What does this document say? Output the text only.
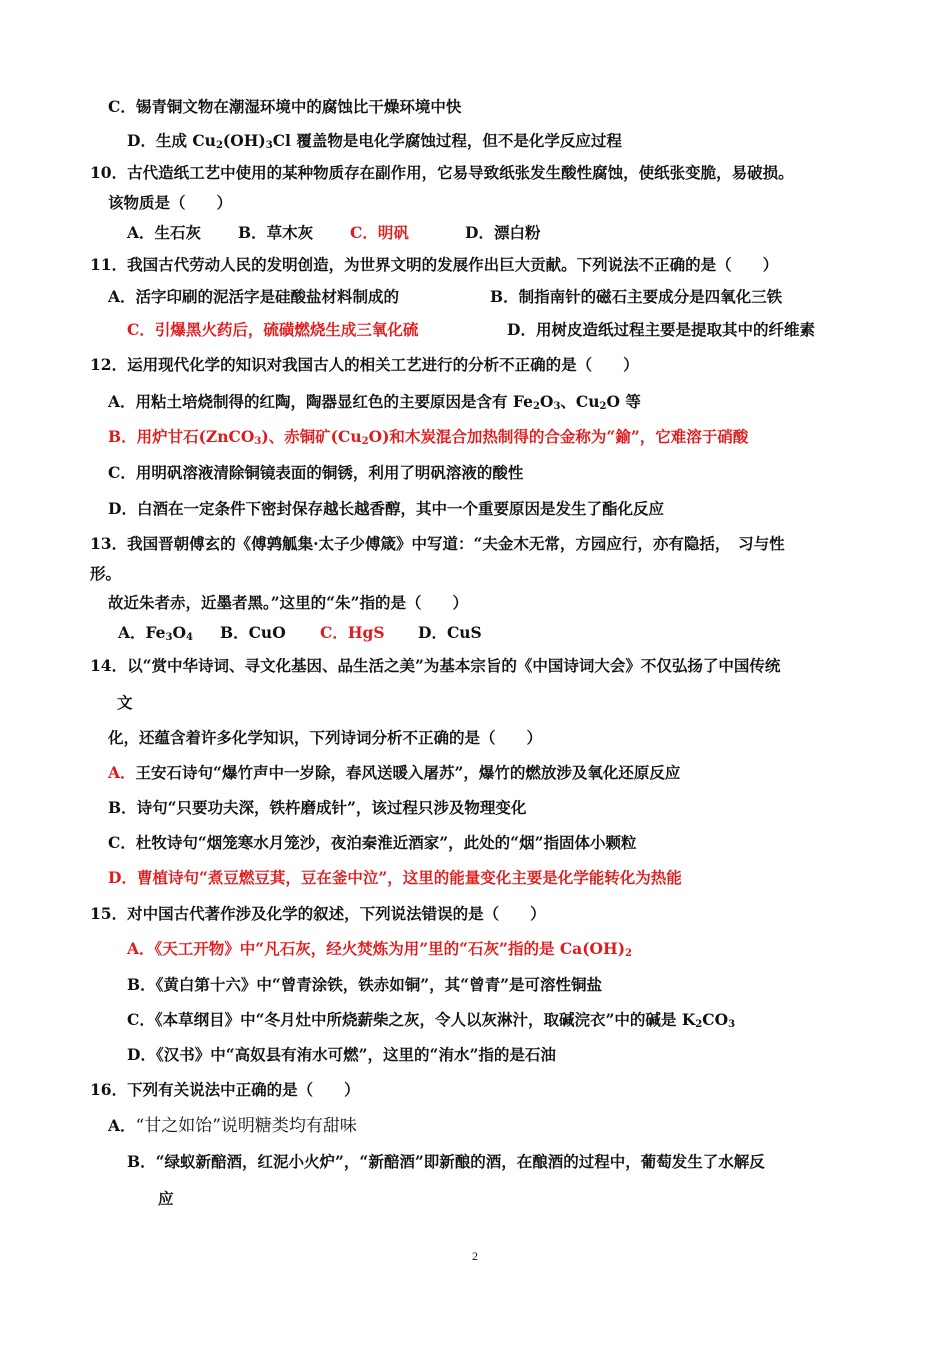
C．锡青铜文物在潮湿环境中的腐蚀比干燥环境中快
D．生成 $Cu_2(OH)_3Cl$ 覆盖物是电化学腐蚀过程，但不是化学反应过程
10．古代造纸工艺中使用的某种物质存在副作用，它易导致纸张发生酸性腐蚀，使纸张变脆，易破损。
该物质是（　　）
A．生石灰 B．草木灰 C．明矾	D．漂白粉
11．我国古代劳动人民的发明创造，为世界文明的发展作出巨大贡献。下列说法不正确的是（　　）
A．活字印刷的泥活字是硅酸盐材料制成的	B．制指南针的磁石主要成分是四氧化三铁
C．引爆黑火药后，硫磺燃烧生成三氧化硫	D．用树皮造纸过程主要是提取其中的纤维素
12．运用现代化学的知识对我国古人的相关工艺进行的分析不正确的是（　　）
A．用粘土培烧制得的红陶，陶器显红色的主要原因是含有 $Fe_2O_3$、$Cu_2O$ 等
B．用炉甘石(ZnCO$_3$)、赤铜矿$(Cu_2O)$和木炭混合加热制得的合金称为“鍮”，它难溶于硝酸
C．用明矾溶液清除铜镜表面的铜锈，利用了明矾溶液的酸性
D．白酒在一定条件下密封保存越长越香醇，其中一个重要原因是发生了酯化反应
13．我国晋朝傅玄的《傅鹑觚集·太子少傅箴》中写道：“夫金木无常，方园应行，亦有隐括，　习与性
形。
故近朱者赤，近墨者黑。”这里的“朱”指的是（　　）
A．$Fe_3O_4$ B．CuO C．HgS D．CuS
14．以“赏中华诗词、寻文化基因、品生活之美”为基本宗旨的《中国诗词大会》不仅弘扬了中国传统
文
化，还蕴含着许多化学知识，下列诗词分析不正确的是（　　）
A．王安石诗句“爆竹声中一岁除，春风送暖入屠苏”，爆竹的燃放涉及氧化还原反应
B．诗句“只要功夫深，铁杵磨成针”，该过程只涉及物理变化
C．杜牧诗句“烟笼寒水月笼沙，夜泊秦淮近酒家”，此处的“烟”指固体小颗粒
D．曹植诗句“煮豆燃豆萁，豆在釜中泣”，这里的能量变化主要是化学能转化为热能
15．对中国古代著作涉及化学的叙述，下列说法错误的是（　　）
A．《天工开物》中“凡石灰，经火焚炼为用”里的“石灰”指的是 $Ca(OH)_2$
B．《黄白第十六》中“曾青涂铁，铁赤如铜”，其“曾青”是可溶性铜盐
C．《本草纲目》中“冬月灶中所烧薪柴之灰，令人以灰淋汁，取碱浣衣”中的碱是 $K_2CO_3$
D．《汉书》中“高奴县有洧水可燃”，这里的“洧水”指的是石油
16．下列有关说法中正确的是（　　）
A．“甘之如饴”说明糖类均有甜味
B．“绿蚁新醅酒，红泥小火炉”，“新醅酒”即新酿的酒，在酿酒的过程中，葡萄发生了水解反
应
2
